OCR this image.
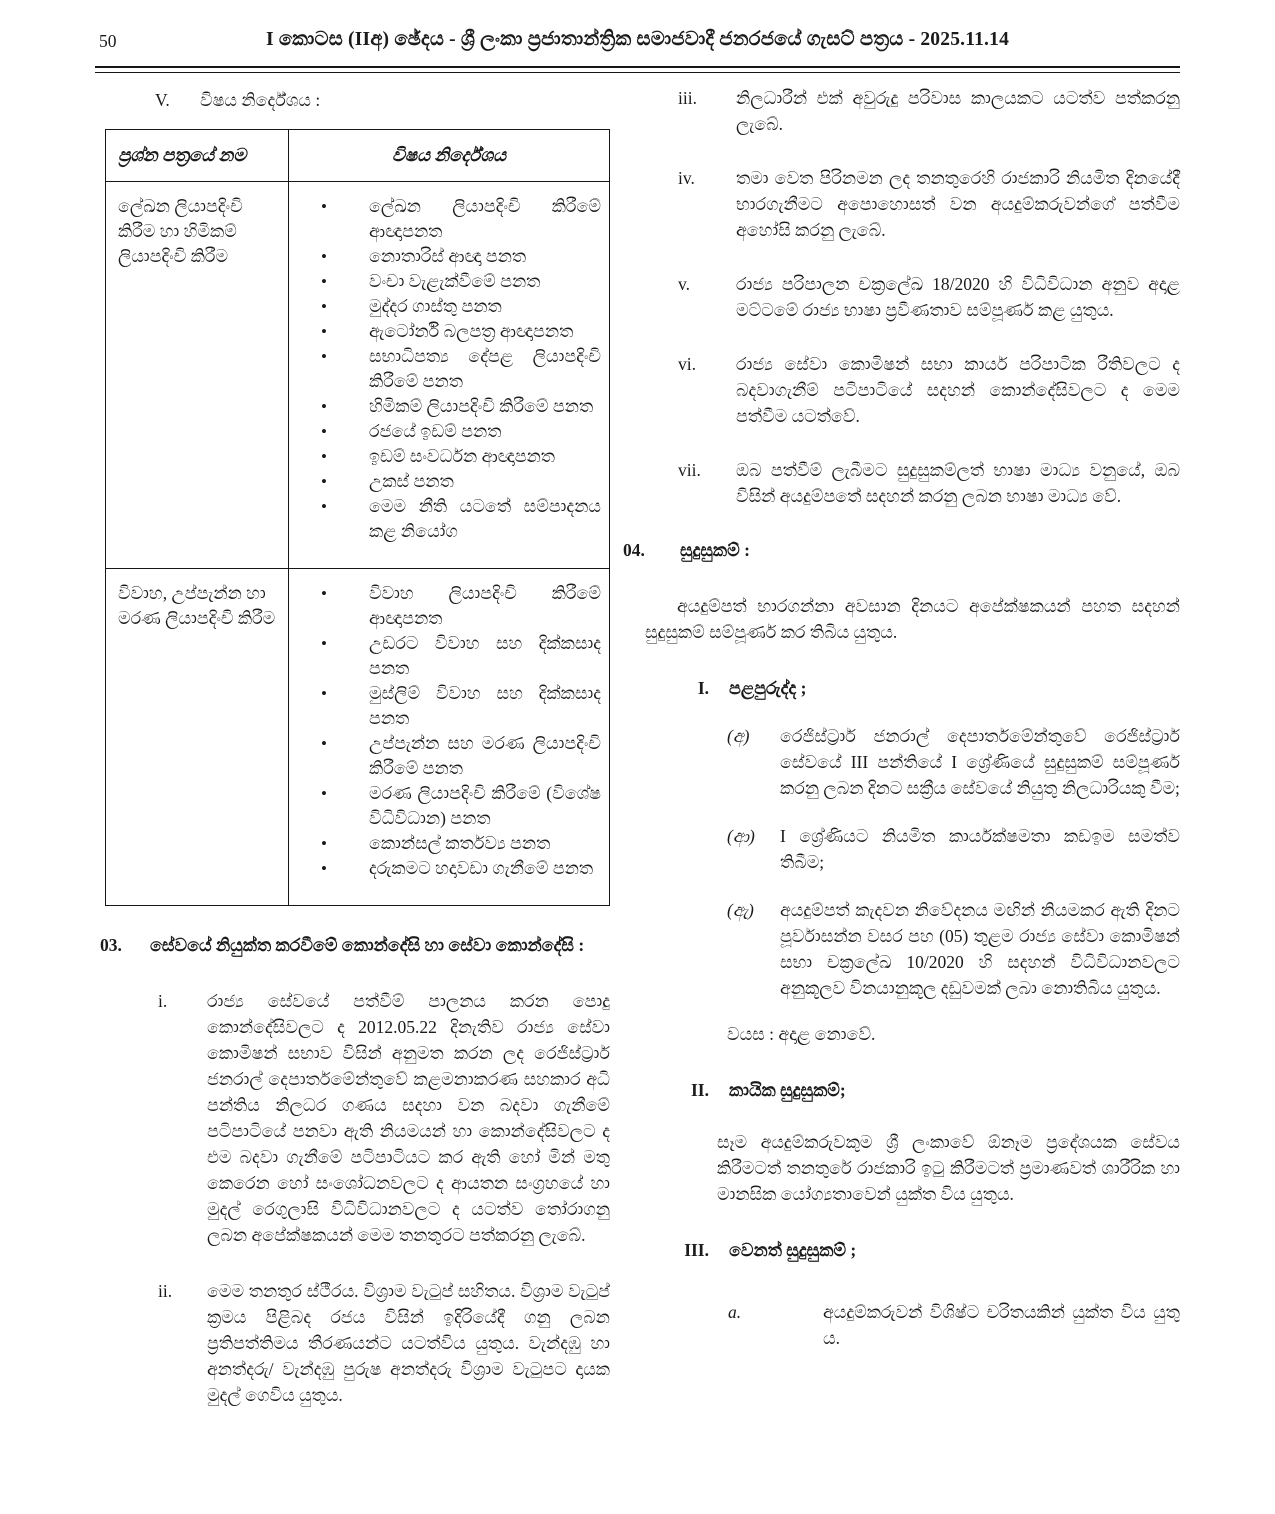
50	I කොටස (IIඅ) ඡේදය - ශ්‍රී ලංකා ප්‍රජාතාන්ත්‍රික සමාජවාදී ජනරජයේ ගැසට් පත්‍රය - 2025.11.14
V.	විෂය නිර්දේශය :
ප්‍රශ්න පත්‍රයේ නම	විෂය නිර්දේශය
ලේඛන ලියාපදිංචි කිරීම හා හිමිකම් ලියාපදිංචි කිරීම	
• ලේඛන ලියාපදිංචි කිරීමේ ආඥාපනත
• නොතාරිස් ආඥා පනත
• වංචා වැළැක්වීමේ පනත
• මුද්දර ගාස්තු පනත
• ඇටෝර්නි බලපත්‍ර ආඥාපනත
• සභාධිපත්‍ය දේපළ ලියාපදිංචි කිරීමේ පනත
• හිමිකම් ලියාපදිංචි කිරීමේ පනත
• රජයේ ඉඩම් පනත
• ඉඩම් සංවර්ධන ආඥාපනත
• උකස් පනත
• මෙම නීති යටතේ සම්පාදනය කළ නියෝග

විවාහ, උප්පැන්න හා මරණ ලියාපදිංචි කිරීම	
• විවාහ ලියාපදිංචි කිරීමේ ආඥාපනත
• උඩරට විවාහ සහ දික්කසාද පනත
• මුස්ලිම් විවාහ සහ දික්කසාද පනත
• උප්පැන්න සහ මරණ ලියාපදිංචි කිරීමේ පනත
• මරණ ලියාපදිංචි කිරීමේ (විශේෂ විධිවිධාන) පනත
• කොන්සල් කර්තව්‍ය පනත
• දරුකමට හදාවඩා ගැනීමේ පනත
03.	සේවයේ නියුක්ත කරවීමේ කොන්දේසි හා සේවා කොන්දේසි :
i.	රාජ්‍ය සේවයේ පත්වීම් පාලනය කරන පොදු කොන්දේසිවලට ද 2012.05.22 දිනැතිව රාජ්‍ය සේවා කොමිෂන් සභාව විසින් අනුමත කරන ලද රෙජිස්ට්‍රාර් ජනරාල් දෙපාර්තමේන්තුවේ කළමනාකරණ සහකාර අධි පන්තිය නිලධර ගණය සදහා වන බදවා ගැනීමේ පටිපාටියේ පනවා ඇති නියමයන් හා කොන්දේසිවලට ද එම බදවා ගැනීමේ පටිපාටියට කර ඇති හෝ මින් මතු කෙරෙන හෝ සංශෝධනවලට ද ආයතන සංග්‍රහයේ හා මුදල් රෙගුලාසි විධිවිධානවලට ද යටත්ව තෝරාගනු ලබන අපේක්ෂකයන් මෙම තනතුරට පත්කරනු ලැබේ.
ii.	මෙම තනතුර ස්ථීරය. විශ්‍රාම වැටුප් සහිතය. විශ්‍රාම වැටුප් ක්‍රමය පිළිබද රජය විසින් ඉදිරියේදී ගනු ලබන ප්‍රතිපත්තිමය තීරණයන්ට යටත්විය යුතුය. වැන්දඹු හා අනත්දරු/ වැන්දඹු පුරුෂ අනත්දරු විශ්‍රාම වැටුපට දායක මුදල් ගෙවිය යුතුය.
iii.	නිලධාරීන් එක් අවුරුදු පරිවාස කාලයකට යටත්ව පත්කරනු ලැබේ.
iv.	තමා වෙත පිරිනමන ලද තනතුරෙහි රාජකාරි නියමිත දිනයේදී භාරගැනීමට අපොහොසත් වන අයදුම්කරුවන්ගේ පත්වීම අහෝසි කරනු ලැබේ.
v.	රාජ්‍ය පරිපාලන චක්‍රලේඛ 18/2020 හි විධිවිධාන අනුව අදාළ මට්ටමේ රාජ්‍ය භාෂා ප්‍රවීණතාව සම්පූර්ණ කළ යුතුය.
vi.	රාජ්‍ය සේවා කොමිෂන් සභා කාර්ය පරිපාටික රීතිවලට ද බදවාගැනීම් පටිපාටියේ සදහන් කොන්දේසිවලට ද මෙම පත්වීම යටත්වේ.
vii.	ඔබ පත්වීම් ලැබීමට සුදුසුකම්ලත් භාෂා මාධ්‍ය වනුයේ, ඔබ විසින් අයදුම්පතේ සදහන් කරනු ලබන භාෂා මාධ්‍ය වේ.
04.	සුදුසුකම් :

අයදුම්පත් භාරගන්නා අවසාන දිනයට අපේක්ෂකයන් පහත සදහන් සුදුසුකම් සම්පූර්ණ කර තිබිය යුතුය.

I. පළපුරුද්ද ;
(අ)	රෙජිස්ට්‍රාර් ජනරාල් දෙපාර්තමේන්තුවේ රෙජිස්ට්‍රාර් සේවයේ III පන්තියේ I ශ්‍රේණියේ සුදුසුකම් සම්පූර්ණ කරනු ලබන දිනට සක්‍රීය සේවයේ නියුතු නිලධාරියකු වීම;
(ආ)	I ශ්‍රේණියට නියමිත කාර්යක්ෂමතා කඩඉම සමත්ව තිබීම;
(ඇ)	අයදුම්පත් කැදවන නිවේදනය මඟින් නියමකර ඇති දිනට පූර්වාසන්න වසර පහ (05) තුළම රාජ්‍ය සේවා කොමිෂන් සභා චක්‍රලේඛ 10/2020 හි සදහන් විධිවිධානවලට අනුකූලව විනයානුකූල දඩුවමක් ලබා නොතිබිය යුතුය.

වයස : අදාළ නොවේ.

II. කායික සුදුසුකම්;

සෑම අයදුම්කරුවකුම ශ්‍රී ලංකාවේ ඕනෑම ප්‍රදේශයක සේවය කිරීමටත් තනතුරේ රාජකාරි ඉටු කිරීමටත් ප්‍රමාණවත් ශාරීරික හා මානසික යෝග්‍යතාවෙන් යුක්ත විය යුතුය.

III. වෙනත් සුදුසුකම් ;
a.	අයදුම්කරුවන් විශිෂ්ට චරිතයකින් යුක්ත විය යුතු ය.
